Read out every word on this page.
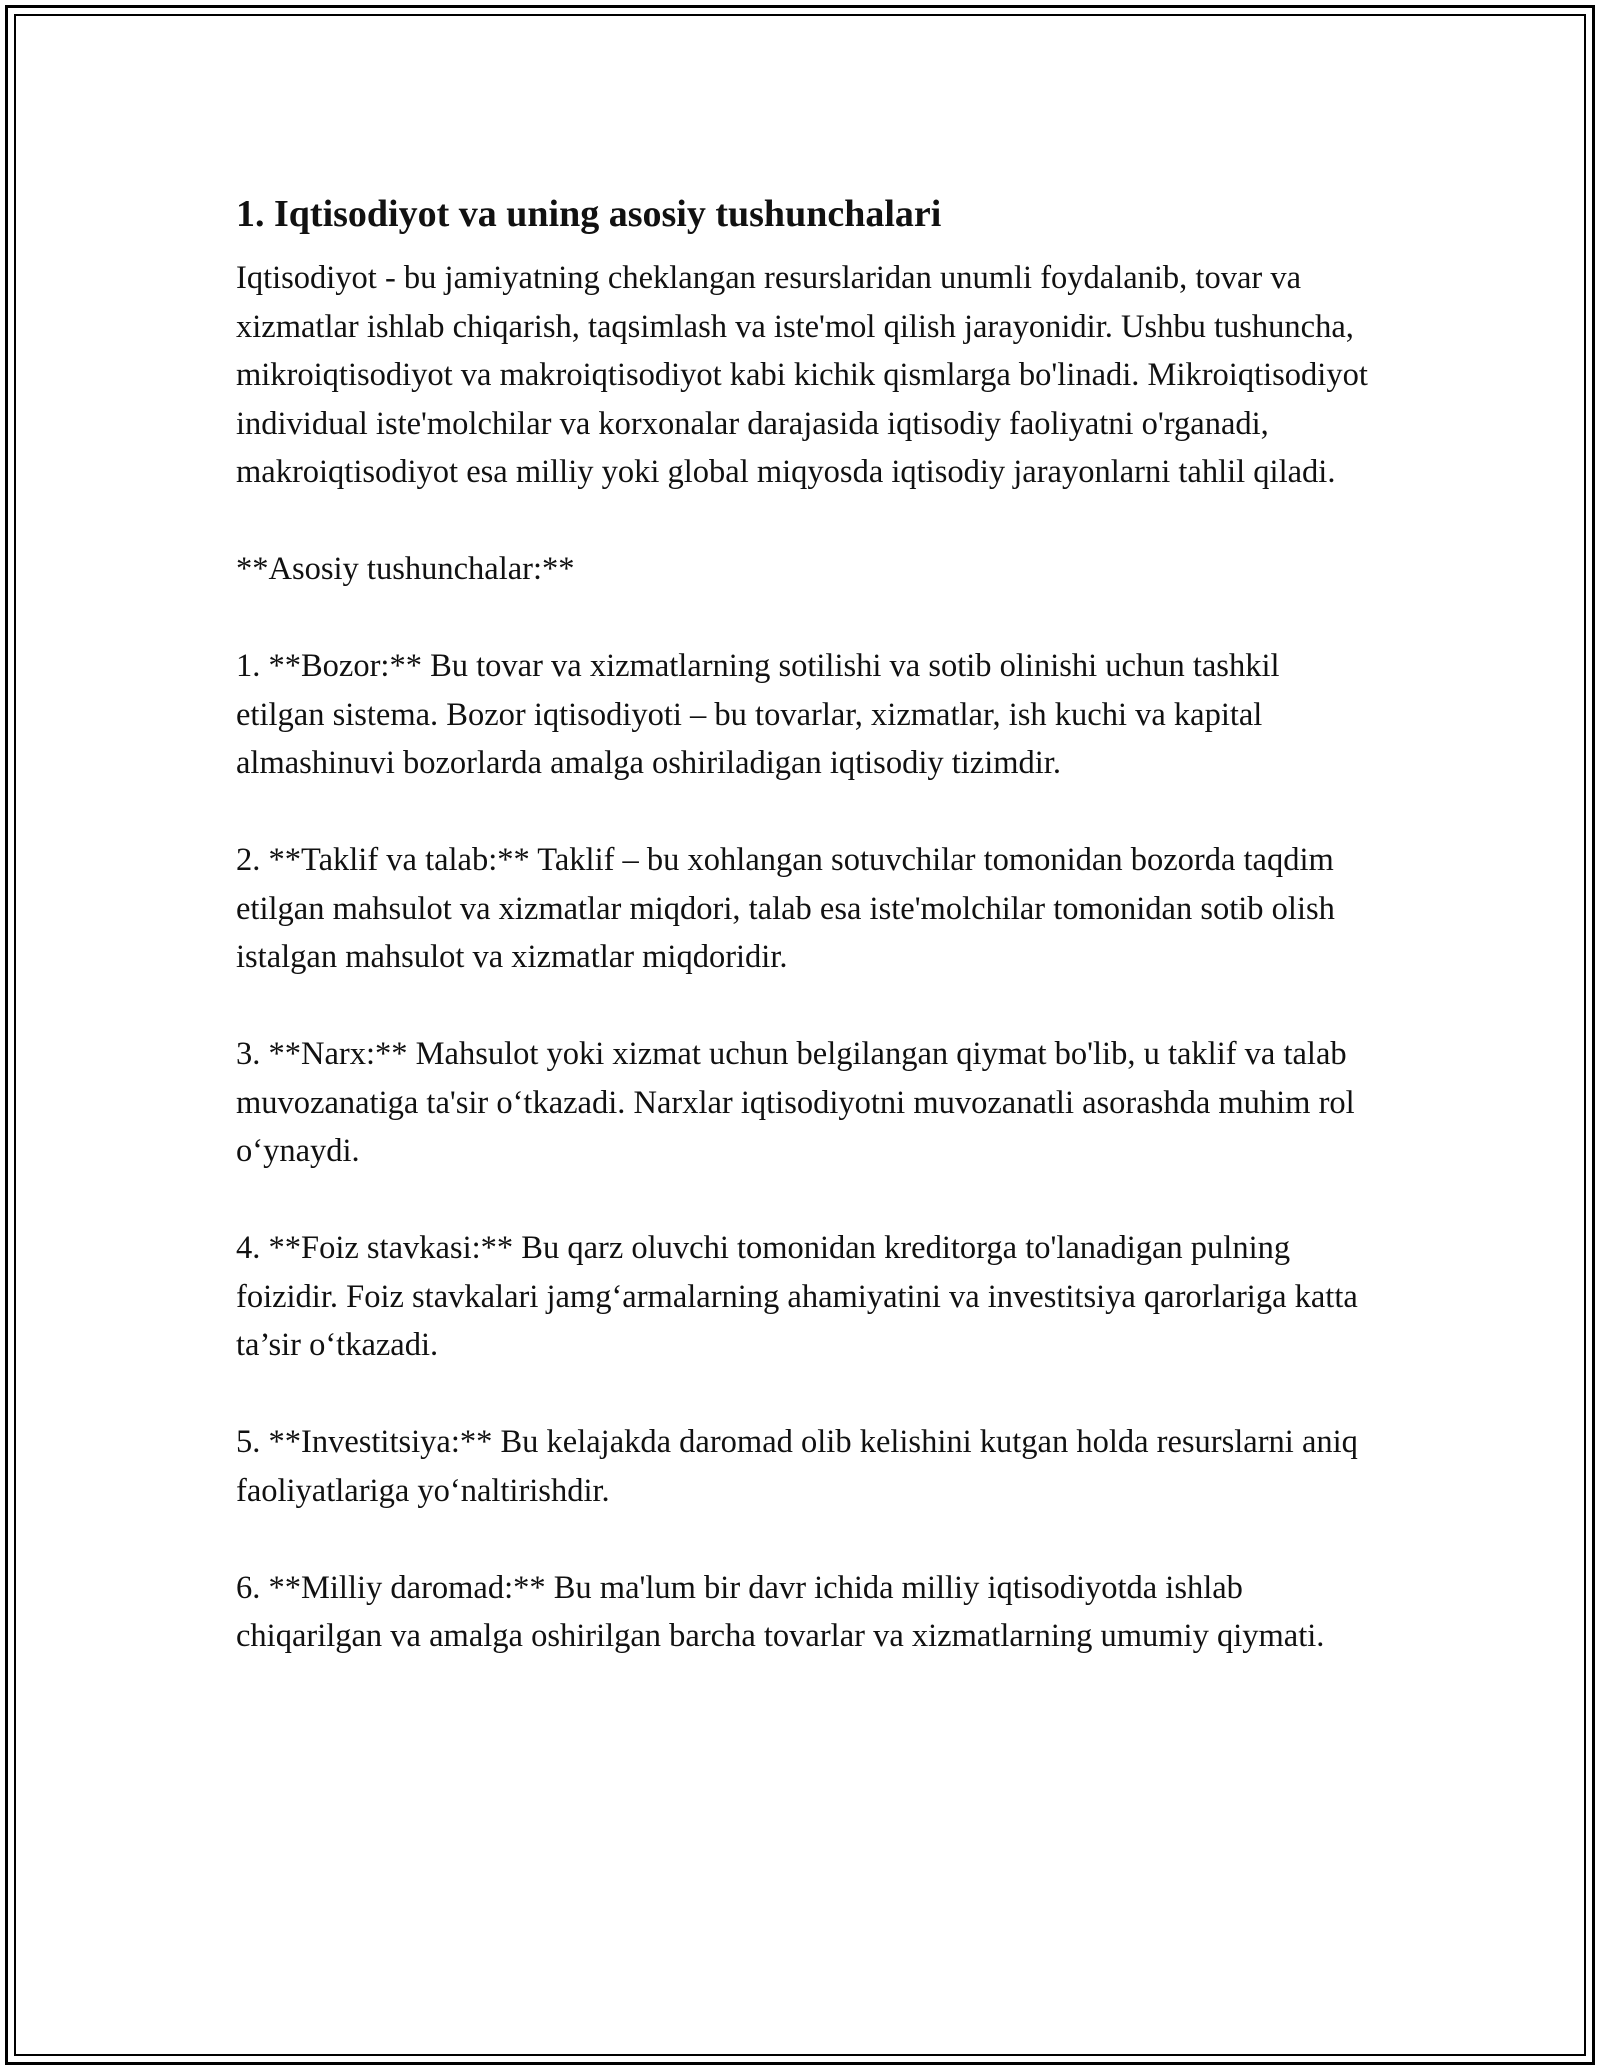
1. Iqtisodiyot va uning asosiy tushunchalari

Iqtisodiyot - bu jamiyatning cheklangan resurslaridan unumli foydalanib, tovar va xizmatlar ishlab chiqarish, taqsimlash va iste'mol qilish jarayonidir. Ushbu tushuncha, mikroiqtisodiyot va makroiqtisodiyot kabi kichik qismlarga bo'linadi. Mikroiqtisodiyot individual iste'molchilar va korxonalar darajasida iqtisodiy faoliyatni o'rganadi, makroiqtisodiyot esa milliy yoki global miqyosda iqtisodiy jarayonlarni tahlil qiladi.

**Asosiy tushunchalar:**

1. **Bozor:** Bu tovar va xizmatlarning sotilishi va sotib olinishi uchun tashkil etilgan sistema. Bozor iqtisodiyoti – bu tovarlar, xizmatlar, ish kuchi va kapital almashinuvi bozorlarda amalga oshiriladigan iqtisodiy tizimdir.

2. **Taklif va talab:** Taklif – bu xohlangan sotuvchilar tomonidan bozorda taqdim etilgan mahsulot va xizmatlar miqdori, talab esa iste'molchilar tomonidan sotib olish istalgan mahsulot va xizmatlar miqdoridir.

3. **Narx:** Mahsulot yoki xizmat uchun belgilangan qiymat bo'lib, u taklif va talab muvozanatiga ta'sir o‘tkazadi. Narxlar iqtisodiyotni muvozanatli asorashda muhim rol o‘ynaydi.

4. **Foiz stavkasi:** Bu qarz oluvchi tomonidan kreditorga to'lanadigan pulning foizidir. Foiz stavkalari jamg‘armalarning ahamiyatini va investitsiya qarorlariga katta ta’sir o‘tkazadi.

5. **Investitsiya:** Bu kelajakda daromad olib kelishini kutgan holda resurslarni aniq faoliyatlariga yo‘naltirishdir.

6. **Milliy daromad:** Bu ma'lum bir davr ichida milliy iqtisodiyotda ishlab chiqarilgan va amalga oshirilgan barcha tovarlar va xizmatlarning umumiy qiymati.
